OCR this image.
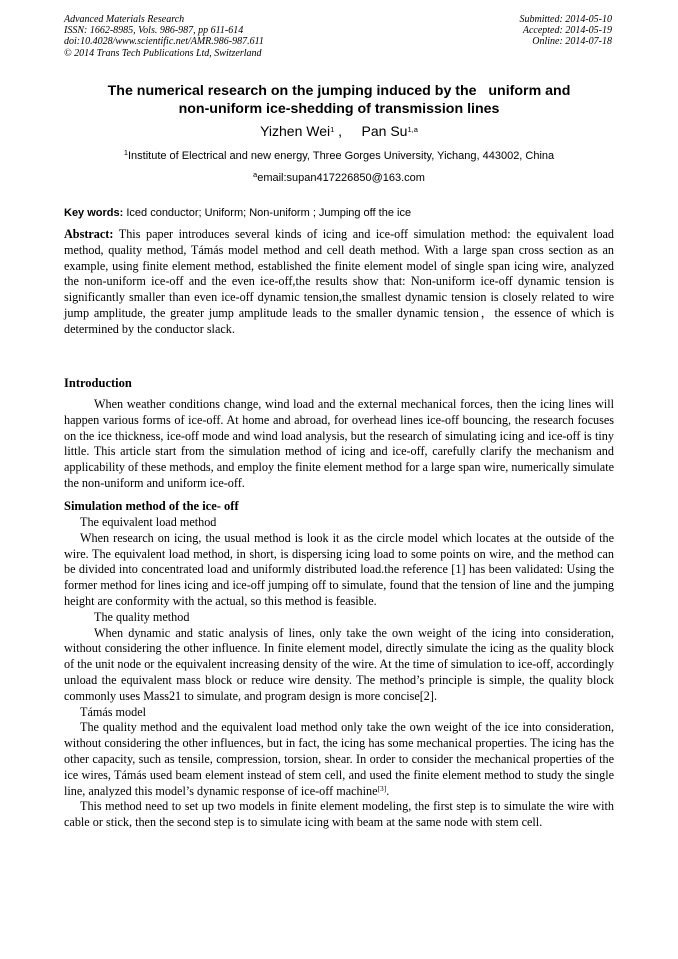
Advanced Materials Research
ISSN: 1662-8985, Vols. 986-987, pp 611-614
doi:10.4028/www.scientific.net/AMR.986-987.611
© 2014 Trans Tech Publications Ltd, Switzerland
Submitted: 2014-05-10
Accepted: 2014-05-19
Online: 2014-07-18
The numerical research on the jumping induced by the   uniform and
non-uniform ice-shedding of transmission lines
Yizhen Wei$^1$ ,     Pan Su$^{1,a}$
$^1$Institute of Electrical and new energy, Three Gorges University, Yichang, 443002, China
$^a$email:supan417226850@163.com
Key words: Iced conductor; Uniform; Non-uniform ; Jumping off the ice
Abstract: This paper introduces several kinds of icing and ice-off simulation method: the equivalent load method, quality method, Támás model method and cell death method. With a large span cross section as an example, using finite element method, established the finite element model of single span icing wire, analyzed the non-uniform ice-off and the even ice-off,the results show that: Non-uniform ice-off dynamic tension is significantly smaller than even ice-off dynamic tension,the smallest dynamic tension is closely related to wire jump amplitude, the greater jump amplitude leads to the smaller dynamic tension，the essence of which is determined by the conductor slack.
Introduction
When weather conditions change, wind load and the external mechanical forces, then the icing lines will happen various forms of ice-off. At home and abroad, for overhead lines ice-off bouncing, the research focuses on the ice thickness, ice-off mode and wind load analysis, but the research of simulating icing and ice-off is tiny little. This article start from the simulation method of icing and ice-off, carefully clarify the mechanism and applicability of these methods, and employ the finite element method for a large span wire, numerically simulate the non-uniform and uniform ice-off.
Simulation method of the ice- off

The equivalent load method

When research on icing, the usual method is look it as the circle model which locates at the outside of the wire. The equivalent load method, in short, is dispersing icing load to some points on wire, and the method can be divided into concentrated load and uniformly distributed load.the reference [1] has been validated: Using the former method for lines icing and ice-off jumping off to simulate, found that the tension of line and the jumping height are conformity with the actual, so this method is feasible.

The quality method

When dynamic and static analysis of lines, only take the own weight of the icing into consideration, without considering the other influence. In finite element model, directly simulate the icing as the quality block of the unit node or the equivalent increasing density of the wire. At the time of simulation to ice-off, accordingly unload the equivalent mass block or reduce wire density. The method’s principle is simple, the quality block commonly uses Mass21 to simulate, and program design is more concise[2].

Támás model

The quality method and the equivalent load method only take the own weight of the ice into consideration, without considering the other influences, but in fact, the icing has some mechanical properties. The icing has the other capacity, such as tensile, compression, torsion, shear. In order to consider the mechanical properties of the ice wires, Támás used beam element instead of stem cell, and used the finite element method to study the single line, analyzed this model’s dynamic response of ice-off machine[3].

This method need to set up two models in finite element modeling, the first step is to simulate the wire with cable or stick, then the second step is to simulate icing with beam at the same node with stem cell.
